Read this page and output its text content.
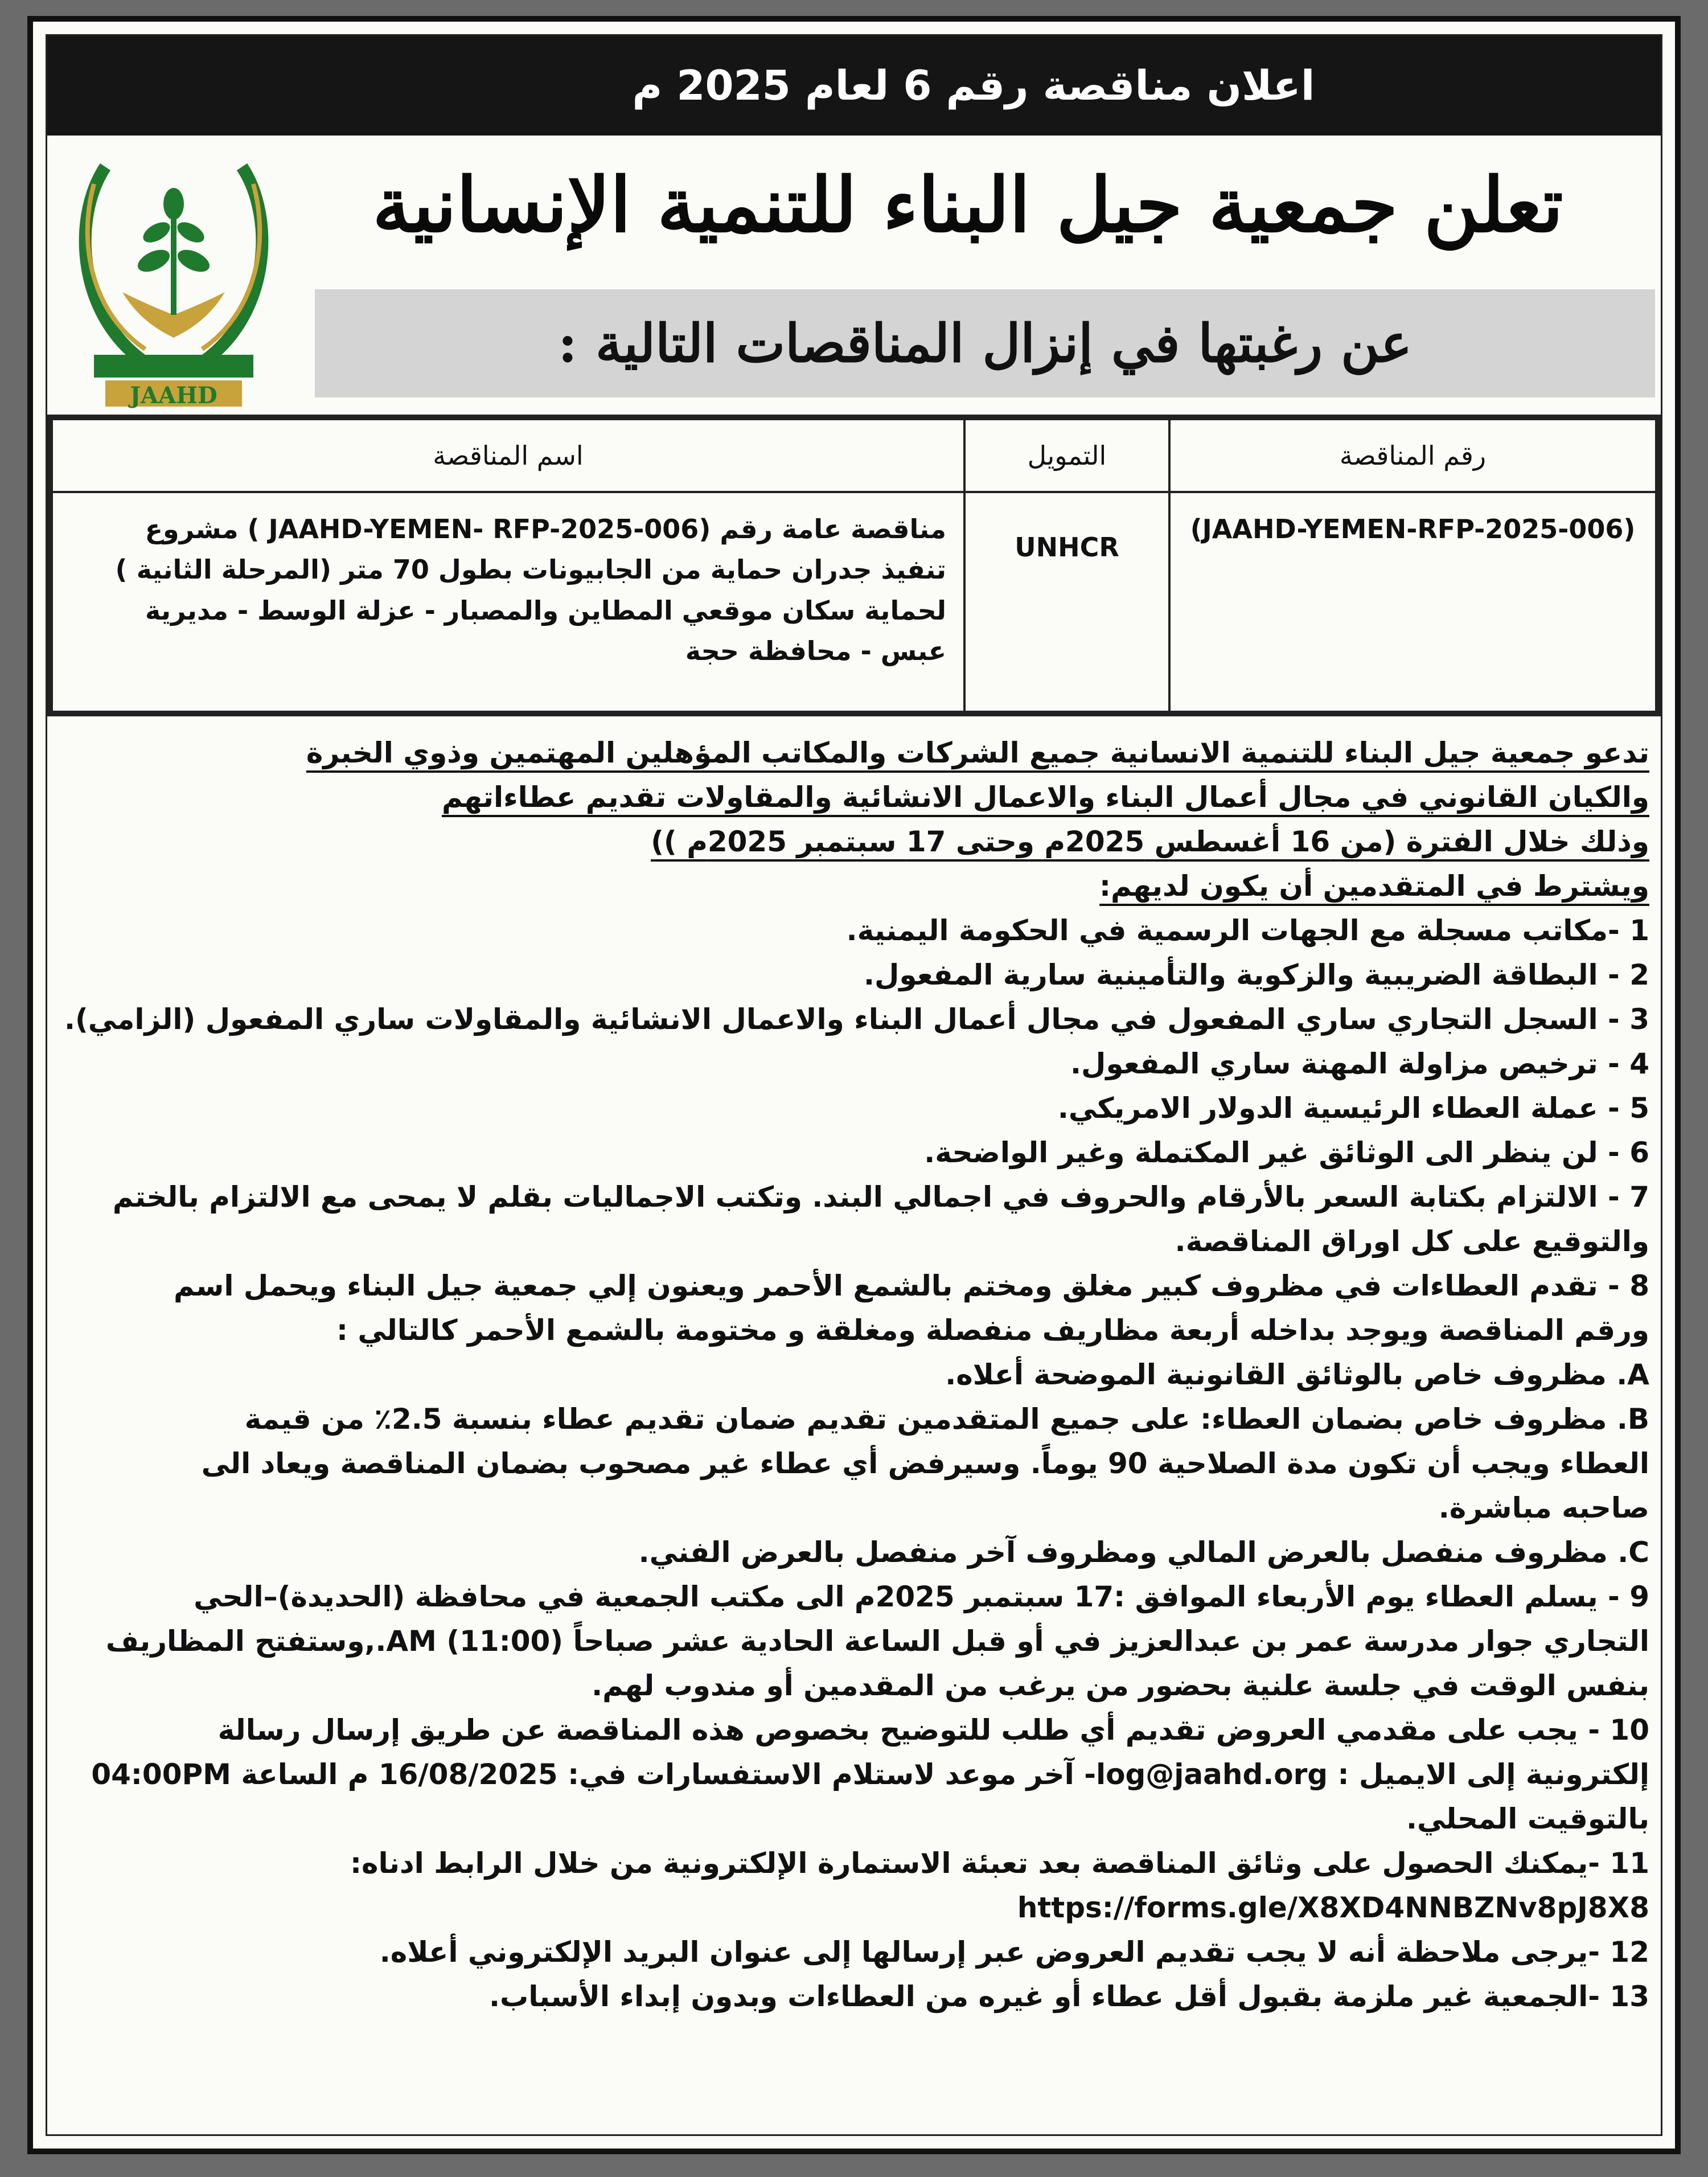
اعلان مناقصة رقم 6 لعام 2025 م
JAAHD
تعلن جمعية جيل البناء للتنمية الإنسانية
عن رغبتها في إنزال المناقصات التالية :
رقم المناقصة	التمويل	اسم المناقصة
(JAAHD-YEMEN-RFP-2025-006)	UNHCR	مناقصة عامة رقم (JAAHD-YEMEN- RFP-2025-006 ) مشروع
تنفيذ جدران حماية من الجابيونات بطول 70 متر (المرحلة الثانية )
لحماية سكان موقعي المطاين والمصبار - عزلة الوسط - مديرية
عبس - محافظة حجة
تدعو جمعية جيل البناء للتنمية الانسانية جميع الشركات والمكاتب المؤهلين المهتمين وذوي الخبرة
والكيان القانوني في مجال أعمال البناء والاعمال الانشائية والمقاولات تقديم عطاءاتهم
وذلك خلال الفترة (من 16 أغسطس 2025م وحتى 17 سبتمبر 2025م ))
ويشترط في المتقدمين أن يكون لديهم:
1 -مكاتب مسجلة مع الجهات الرسمية في الحكومة اليمنية.
2 - البطاقة الضريبية والزكوية والتأمينية سارية المفعول.
3 - السجل التجاري ساري المفعول في مجال أعمال البناء والاعمال الانشائية والمقاولات ساري المفعول (الزامي).
4 - ترخيص مزاولة المهنة ساري المفعول.
5 - عملة العطاء الرئيسية الدولار الامريكي.
6 - لن ينظر الى الوثائق غير المكتملة وغير الواضحة.
7 - الالتزام بكتابة السعر بالأرقام والحروف في اجمالي البند. وتكتب الاجماليات بقلم لا يمحى مع الالتزام بالختم
والتوقيع على كل اوراق المناقصة.
8 - تقدم العطاءات في مظروف كبير مغلق ومختم بالشمع الأحمر ويعنون إلي جمعية جيل البناء ويحمل اسم
ورقم المناقصة ويوجد بداخله أربعة مظاريف منفصلة ومغلقة و مختومة بالشمع الأحمر كالتالي :
A. مظروف خاص بالوثائق القانونية الموضحة أعلاه.
B. مظروف خاص بضمان العطاء: على جميع المتقدمين تقديم ضمان تقديم عطاء بنسبة 2.5٪ من قيمة
العطاء ويجب أن تكون مدة الصلاحية 90 يوماً. وسيرفض أي عطاء غير مصحوب بضمان المناقصة ويعاد الى
صاحبه مباشرة.
C. مظروف منفصل بالعرض المالي ومظروف آخر منفصل بالعرض الفني.
9 - يسلم العطاء يوم الأربعاء الموافق :17 سبتمبر 2025م الى مكتب الجمعية في محافظة (الحديدة)–الحي
التجاري جوار مدرسة عمر بن عبدالعزيز في أو قبل الساعة الحادية عشر صباحاً (11:00) AM.,وستفتح المظاريف
بنفس الوقت في جلسة علنية بحضور من يرغب من المقدمين أو مندوب لهم.
10 - يجب على مقدمي العروض تقديم أي طلب للتوضيح بخصوص هذه المناقصة عن طريق إرسال رسالة
إلكترونية إلى الايميل : log@jaahd.org- آخر موعد لاستلام الاستفسارات في: 16/08/2025 م الساعة 04:00PM
بالتوقيت المحلي.
11 -يمكنك الحصول على وثائق المناقصة بعد تعبئة الاستمارة الإلكترونية من خلال الرابط ادناه:
https://forms.gle/X8XD4NNBZNv8pJ8X8
12 -يرجى ملاحظة أنه لا يجب تقديم العروض عبر إرسالها إلى عنوان البريد الإلكتروني أعلاه.
13 -الجمعية غير ملزمة بقبول أقل عطاء أو غيره من العطاءات وبدون إبداء الأسباب.
